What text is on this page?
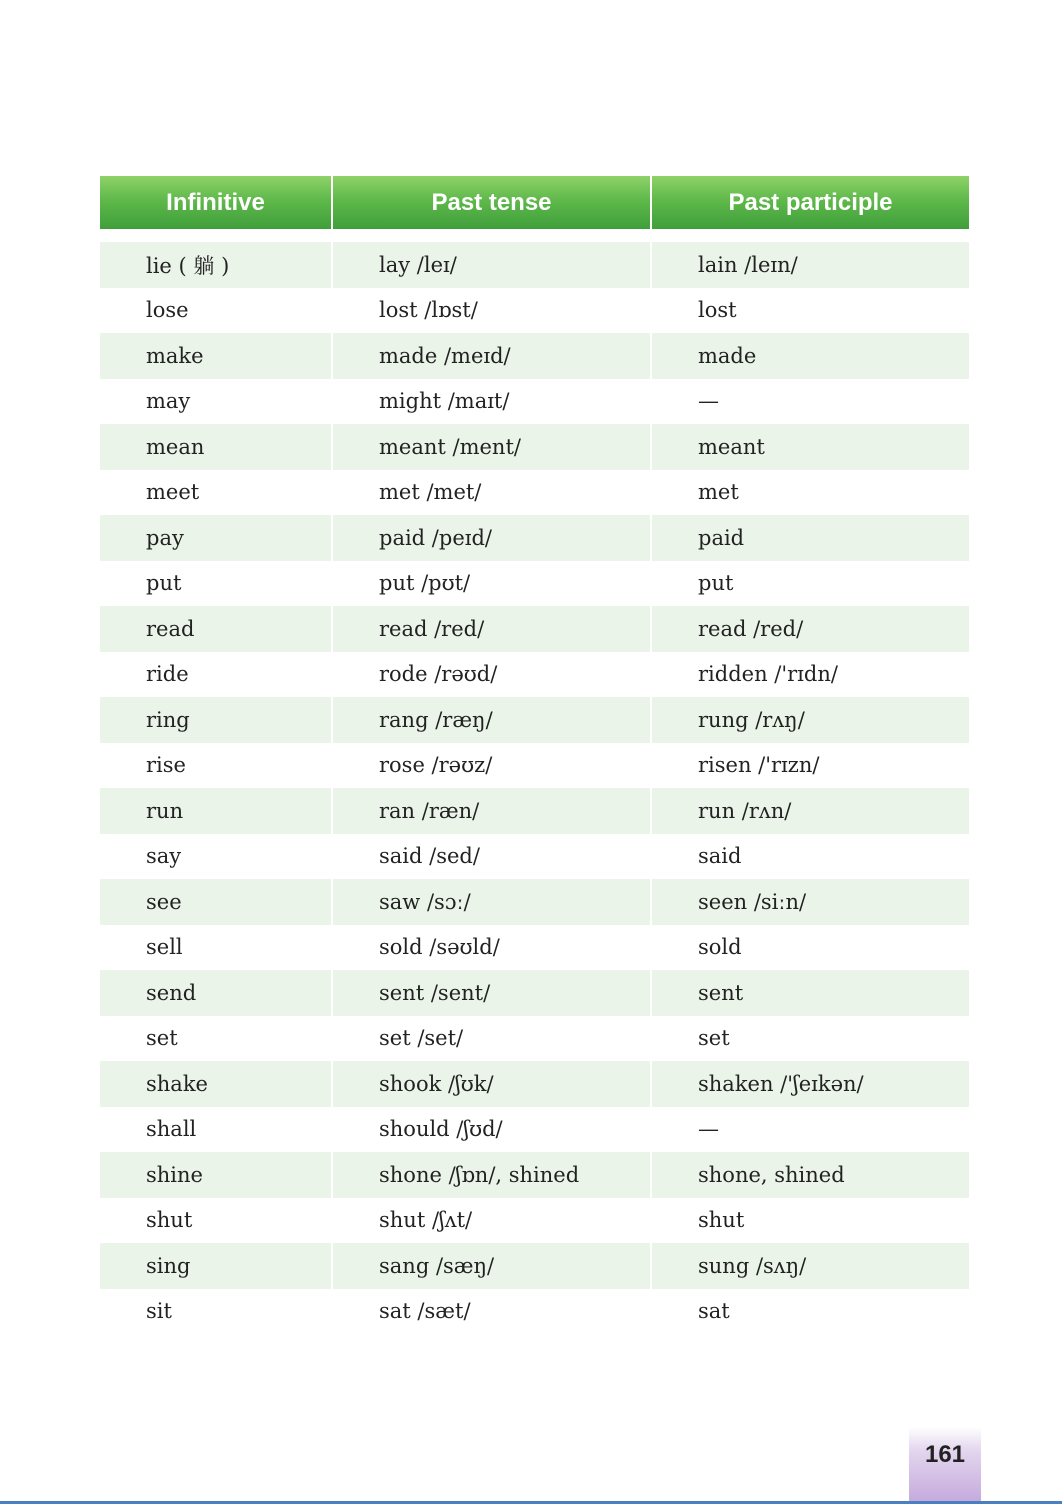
Infinitive	Past tense	Past participle
lie ( 躺 )	lay /leɪ/	lain /leɪn/
lose	lost /lɒst/	lost
make	made /meɪd/	made
may	might /maɪt/	—
mean	meant /ment/	meant
meet	met /met/	met
pay	paid /peɪd/	paid
put	put /pʊt/	put
read	read /red/	read /red/
ride	rode /rəʊd/	ridden /'rɪdn/
ring	rang /ræŋ/	rung /rʌŋ/
rise	rose /rəʊz/	risen /'rɪzn/
run	ran /ræn/	run /rʌn/
say	said /sed/	said
see	saw /sɔː/	seen /siːn/
sell	sold /səʊld/	sold
send	sent /sent/	sent
set	set /set/	set
shake	shook /ʃʊk/	shaken /'ʃeɪkən/
shall	should /ʃʊd/	—
shine	shone /ʃɒn/, shined	shone, shined
shut	shut /ʃʌt/	shut
sing	sang /sæŋ/	sung /sʌŋ/
sit	sat /sæt/	sat
161
